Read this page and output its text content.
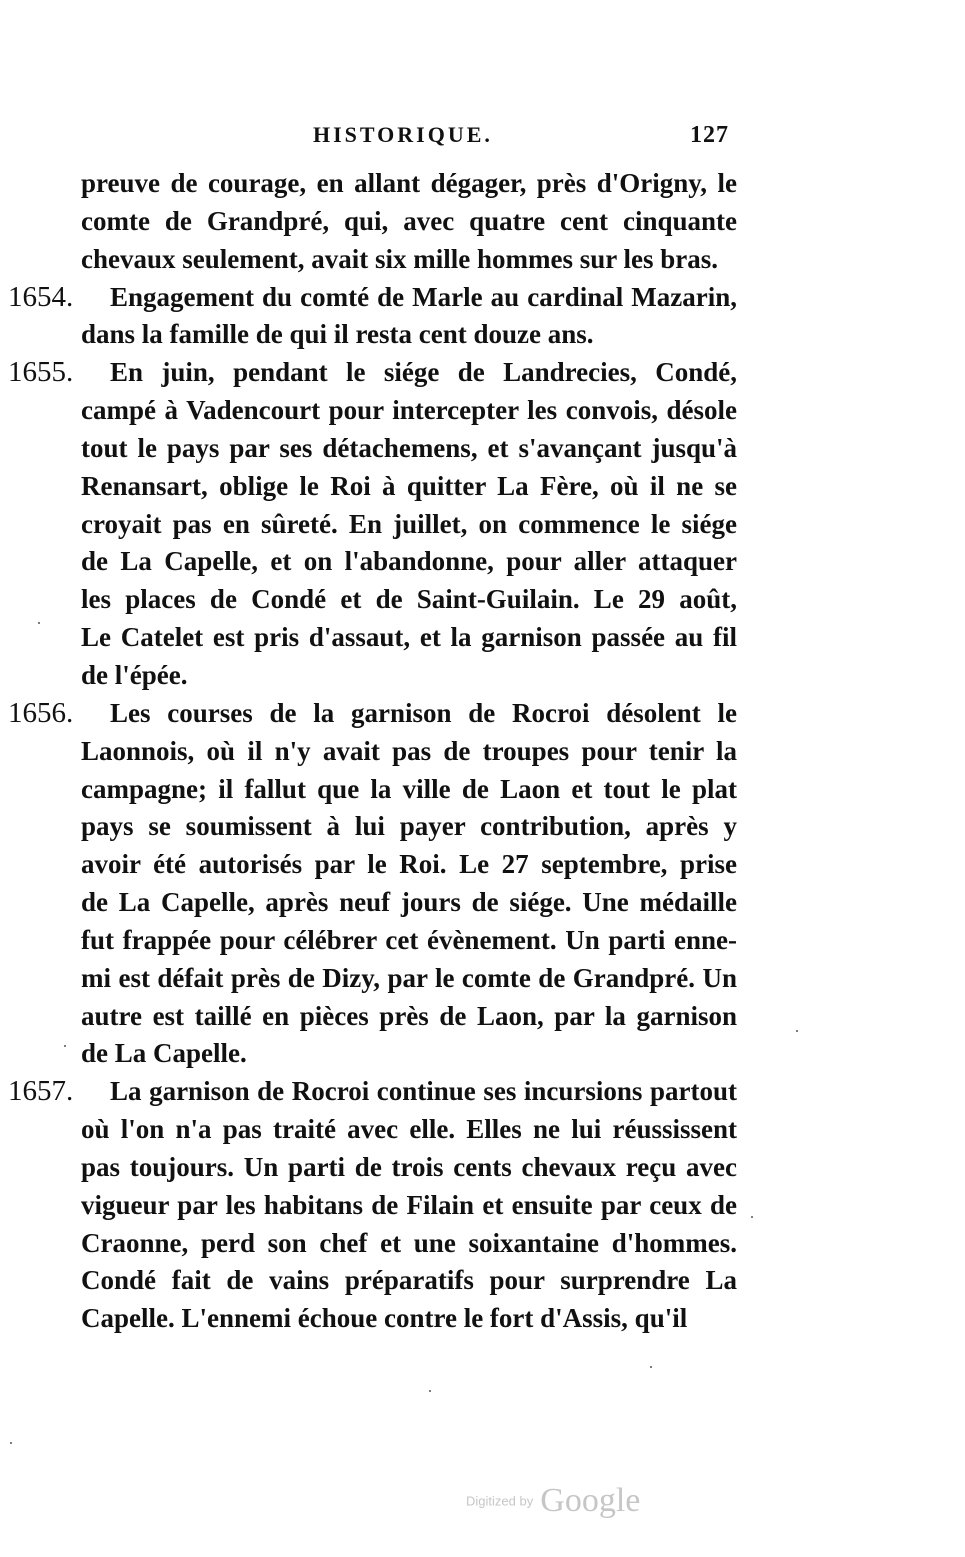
HISTORIQUE.	127
preuve de courage, en allant dégager, près d'Origny, le
comte de Grandpré, qui, avec quatre cent cinquante
chevaux seulement, avait six mille hommes sur les bras.
1654. Engagement du comté de Marle au cardinal Mazarin,
dans la famille de qui il resta cent douze ans.
1655. En juin, pendant le siége de Landrecies, Condé,
campé à Vadencourt pour intercepter les convois, désole
tout le pays par ses détachemens, et s'avançant jusqu'à
Renansart, oblige le Roi à quitter La Fère, où il ne se
croyait pas en sûreté. En juillet, on commence le siége
de La Capelle, et on l'abandonne, pour aller attaquer
les places de Condé et de Saint-Guilain. Le 29 août,
Le Catelet est pris d'assaut, et la garnison passée au fil
de l'épée.
1656. Les courses de la garnison de Rocroi désolent le
Laonnois, où il n'y avait pas de troupes pour tenir la
campagne; il fallut que la ville de Laon et tout le plat
pays se soumissent à lui payer contribution, après y
avoir été autorisés par le Roi. Le 27 septembre, prise
de La Capelle, après neuf jours de siége. Une médaille
fut frappée pour célébrer cet évènement. Un parti enne-
mi est défait près de Dizy, par le comte de Grandpré. Un
autre est taillé en pièces près de Laon, par la garnison
de La Capelle.
1657. La garnison de Rocroi continue ses incursions partout
où l'on n'a pas traité avec elle. Elles ne lui réussissent
pas toujours. Un parti de trois cents chevaux reçu avec
vigueur par les habitans de Filain et ensuite par ceux de
Craonne, perd son chef et une soixantaine d'hommes.
Condé fait de vains préparatifs pour surprendre La
Capelle. L'ennemi échoue contre le fort d'Assis, qu'il
Digitized by Google
